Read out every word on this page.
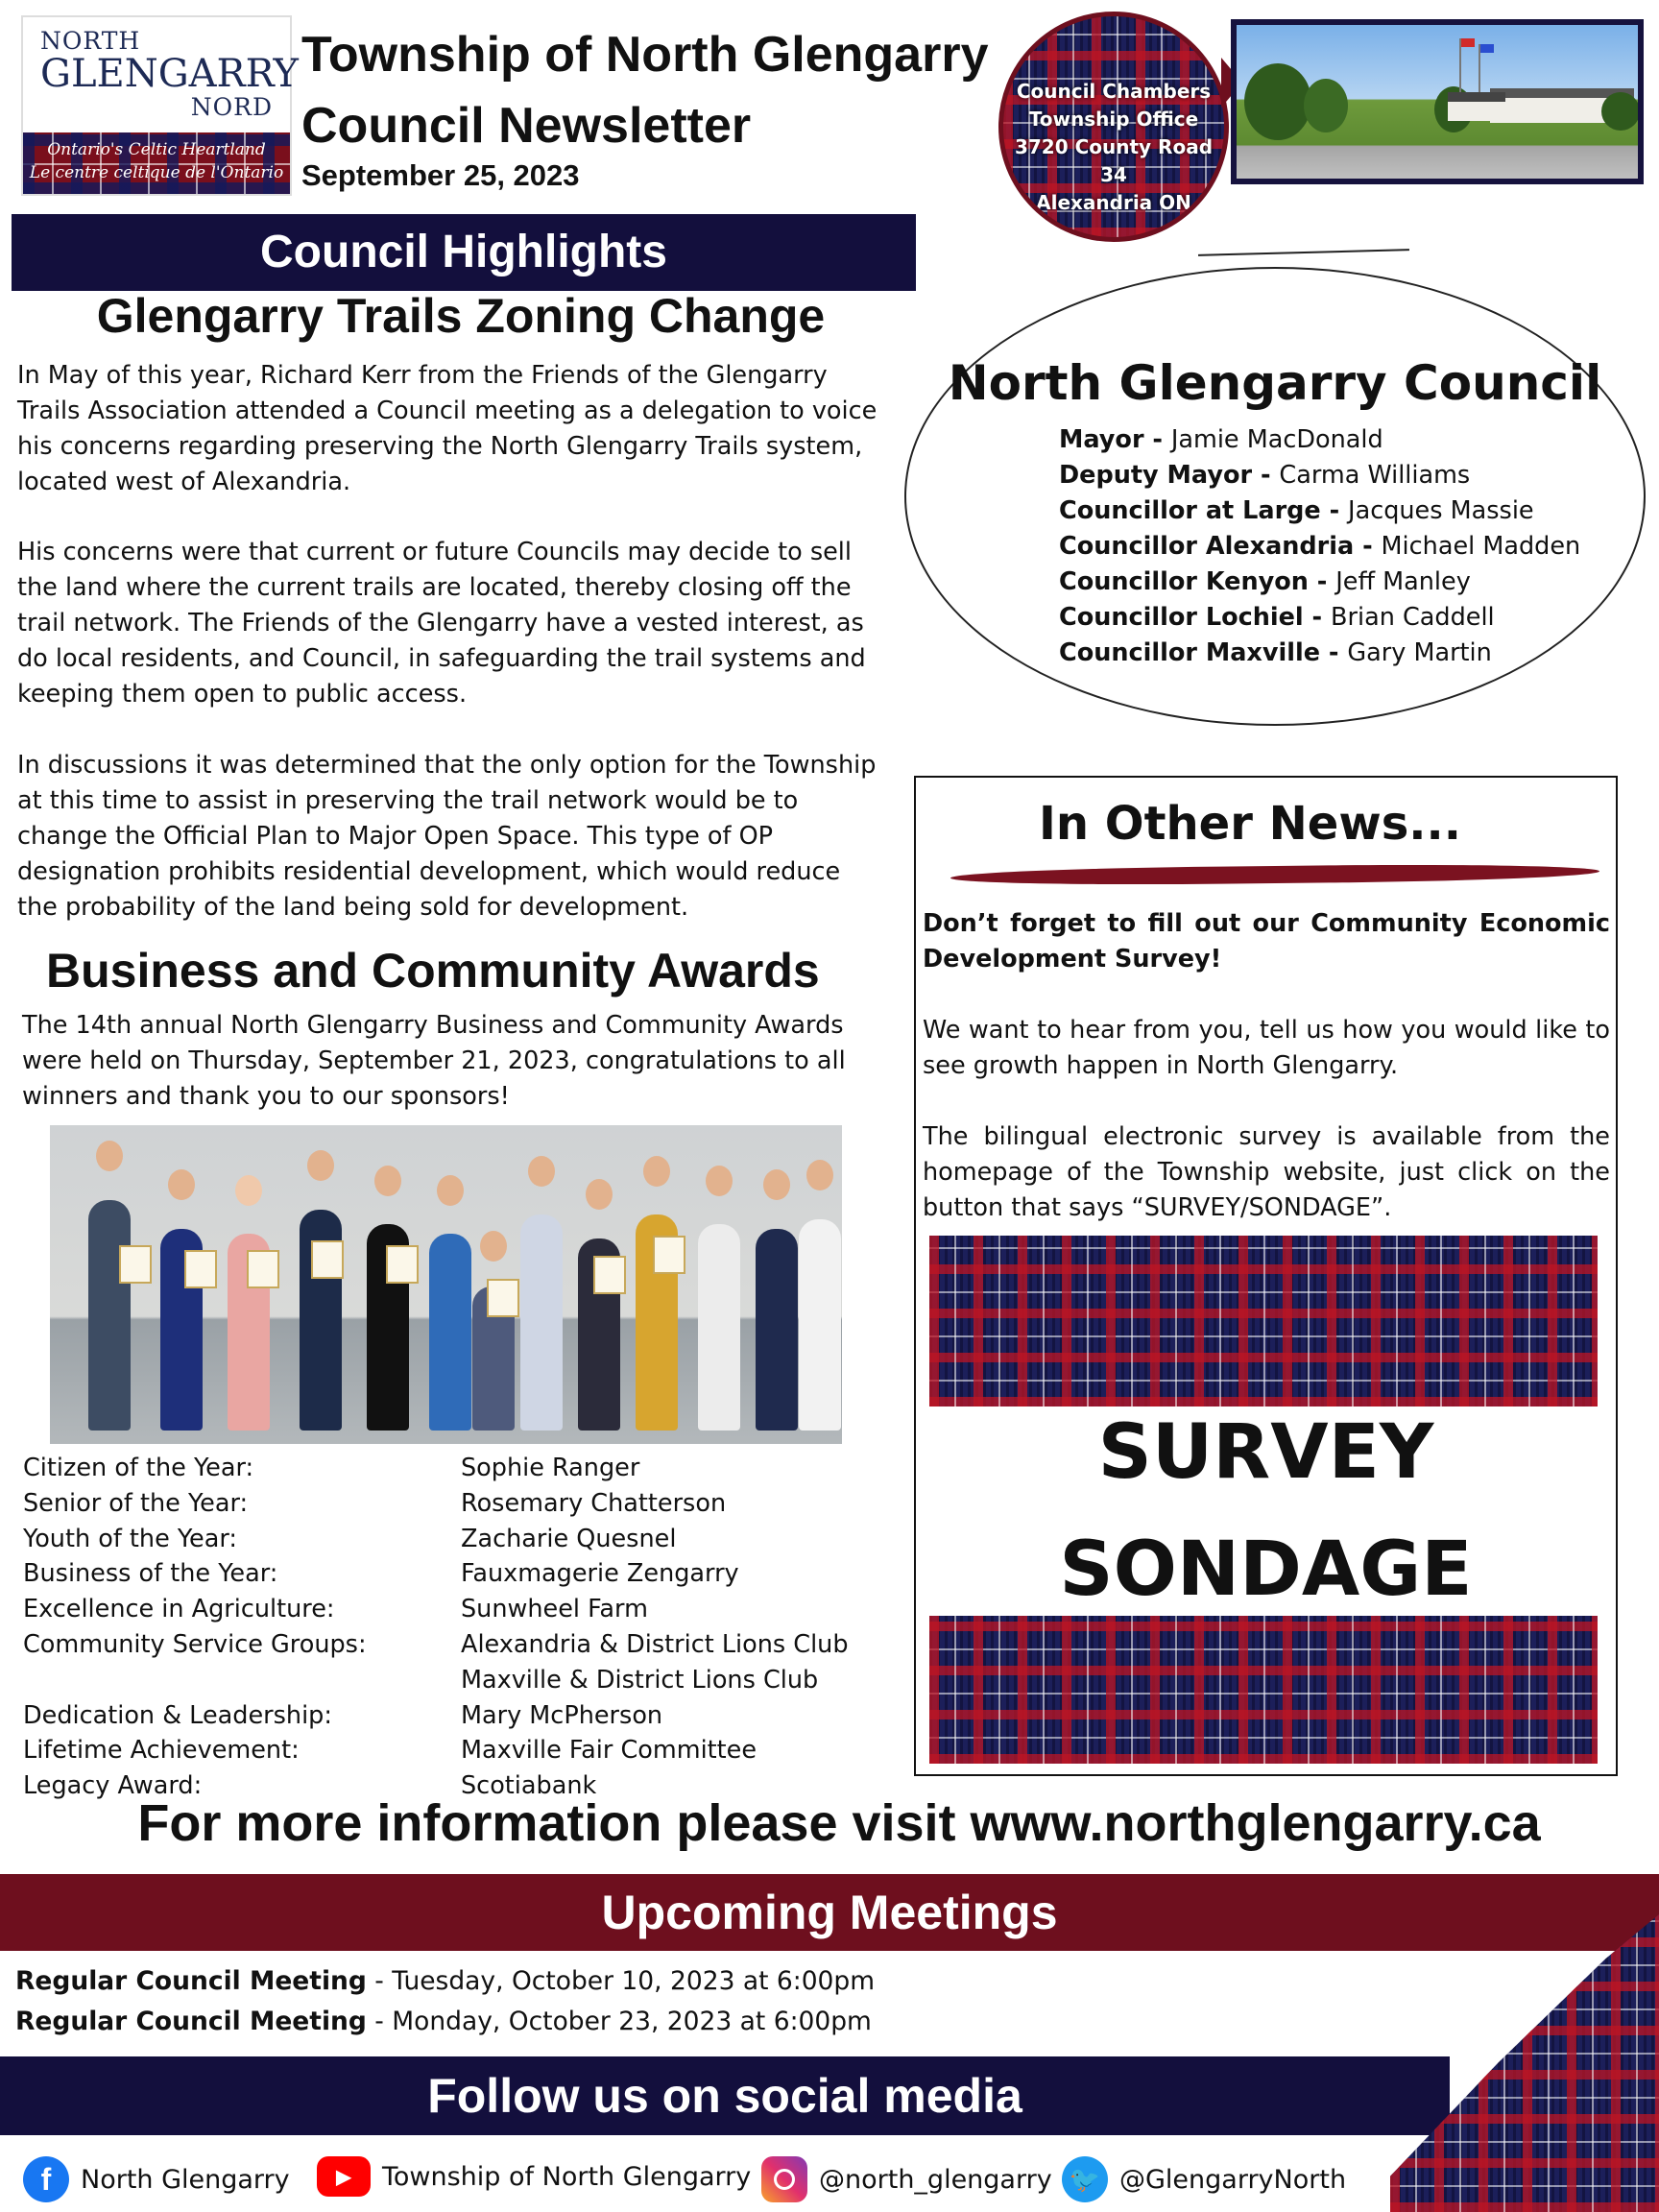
NORTH
GLENGARRY
NORD
Ontario's Celtic Heartland
Le centre celtique de l'Ontario
Township of North Glengarry
Council Newsletter
September 25, 2023
Council Chambers
Township Office
3720 County Road 34
Alexandria ON
Council Highlights
Glengarry Trails Zoning Change
In May of this year, Richard Kerr from the Friends of the Glengarry Trails Association attended a Council meeting as a delegation to voice his concerns regarding preserving the North Glengarry Trails system, located west of Alexandria.
His concerns were that current or future Councils may decide to sell the land where the current trails are located, thereby closing off the trail network. The Friends of the Glengarry have a vested interest, as do local residents, and Council, in safeguarding the trail systems and keeping them open to public access.
In discussions it was determined that the only option for the Township at this time to assist in preserving the trail network would be to change the Official Plan to Major Open Space. This type of OP designation prohibits residential development, which would reduce the probability of the land being sold for development.
Business and Community Awards
The 14th annual North Glengarry Business and Community Awards were held on Thursday, September 21, 2023, congratulations to all winners and thank you to our sponsors!
Citizen of the Year:	Sophie Ranger
Senior of the Year:	Rosemary Chatterson
Youth of the Year:	Zacharie Quesnel
Business of the Year:	Fauxmagerie Zengarry
Excellence in Agriculture:	Sunwheel Farm
Community Service Groups:	Alexandria & District Lions Club
Maxville & District Lions Club
Dedication & Leadership:	Mary McPherson
Lifetime Achievement:	Maxville Fair Committee
Legacy Award:	Scotiabank
North Glengarry Council
Mayor - Jamie MacDonald
Deputy Mayor - Carma Williams
Councillor at Large - Jacques Massie
Councillor Alexandria - Michael Madden
Councillor Kenyon - Jeff Manley
Councillor Lochiel - Brian Caddell
Councillor Maxville - Gary Martin
In Other News...
Don’t forget to fill out our Community Economic Development Survey!
We want to hear from you, tell us how you would like to see growth happen in North Glengarry.
The bilingual electronic survey is available from the homepage of the Township website, just click on the button that says “SURVEY/SONDAGE”.
SURVEY
SONDAGE
For more information please visit www.northglengarry.ca
Upcoming Meetings
Regular Council Meeting - Tuesday, October 10, 2023 at 6:00pm
Regular Council Meeting - Monday, October 23, 2023 at 6:00pm
Follow us on social media
f	North Glengarry	▶	Township of North Glengarry	@north_glengarry 🐦 @GlengarryNorth
